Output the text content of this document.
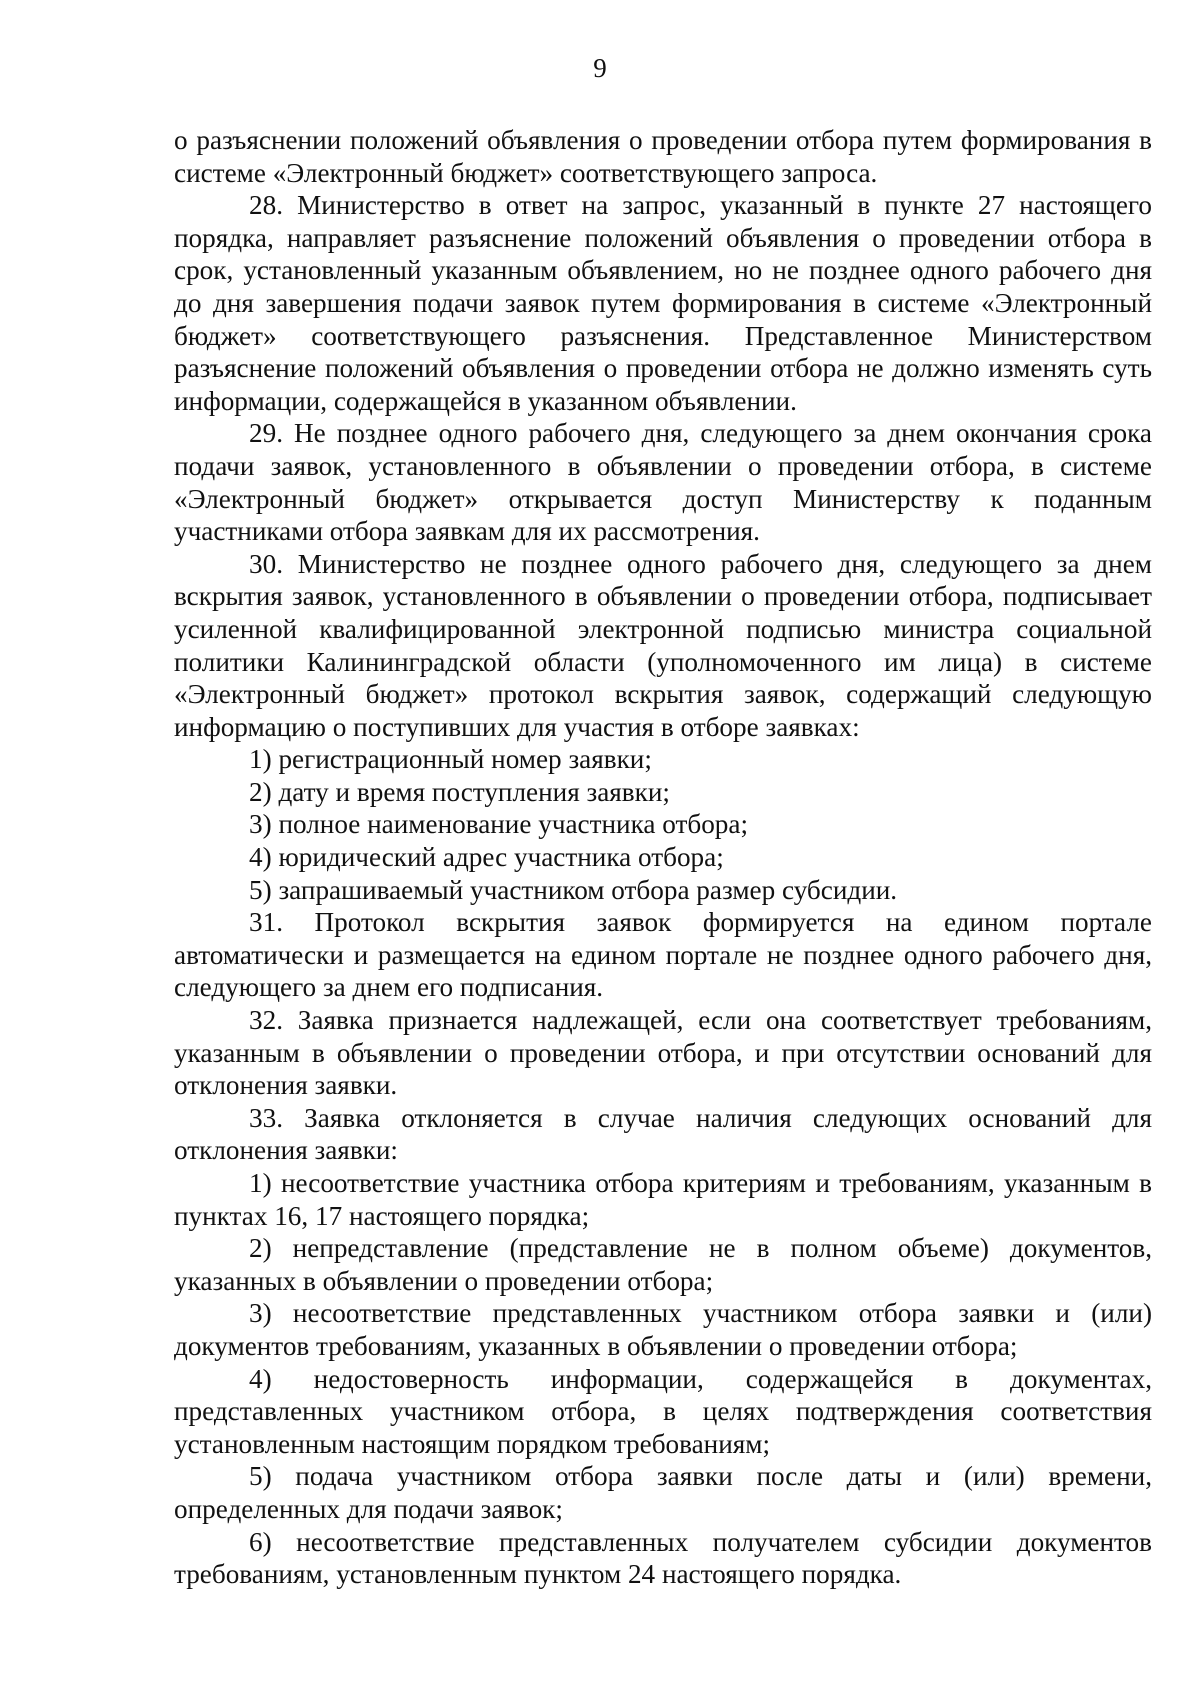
9

о разъяснении положений объявления о проведении отбора путем формирования в системе «Электронный бюджет» соответствующего запроса.

28. Министерство в ответ на запрос, указанный в пункте 27 настоящего порядка, направляет разъяснение положений объявления о проведении отбора в срок, установленный указанным объявлением, но не позднее одного рабочего дня до дня завершения подачи заявок путем формирования в системе «Электронный бюджет» соответствующего разъяснения. Представленное Министерством разъяснение положений объявления о проведении отбора не должно изменять суть информации, содержащейся в указанном объявлении.

29. Не позднее одного рабочего дня, следующего за днем окончания срока подачи заявок, установленного в объявлении о проведении отбора, в системе «Электронный бюджет» открывается доступ Министерству к поданным участниками отбора заявкам для их рассмотрения.

30. Министерство не позднее одного рабочего дня, следующего за днем вскрытия заявок, установленного в объявлении о проведении отбора, подписывает усиленной квалифицированной электронной подписью министра социальной политики Калининградской области (уполномоченного им лица) в системе «Электронный бюджет» протокол вскрытия заявок, содержащий следующую информацию о поступивших для участия в отборе заявках:

1) регистрационный номер заявки;

2) дату и время поступления заявки;

3) полное наименование участника отбора;

4) юридический адрес участника отбора;

5) запрашиваемый участником отбора размер субсидии.

31. Протокол вскрытия заявок формируется на едином портале автоматически и размещается на едином портале не позднее одного рабочего дня, следующего за днем его подписания.

32. Заявка признается надлежащей, если она соответствует требованиям, указанным в объявлении о проведении отбора, и при отсутствии оснований для отклонения заявки.

33. Заявка отклоняется в случае наличия следующих оснований для отклонения заявки:

1) несоответствие участника отбора критериям и требованиям, указанным в пунктах 16, 17 настоящего порядка;

2) непредставление (представление не в полном объеме) документов, указанных в объявлении о проведении отбора;

3) несоответствие представленных участником отбора заявки и (или) документов требованиям, указанных в объявлении о проведении отбора;

4) недостоверность информации, содержащейся в документах, представленных участником отбора, в целях подтверждения соответствия установленным настоящим порядком требованиям;

5) подача участником отбора заявки после даты и (или) времени, определенных для подачи заявок;

6) несоответствие представленных получателем субсидии документов требованиям, установленным пунктом 24 настоящего порядка.
